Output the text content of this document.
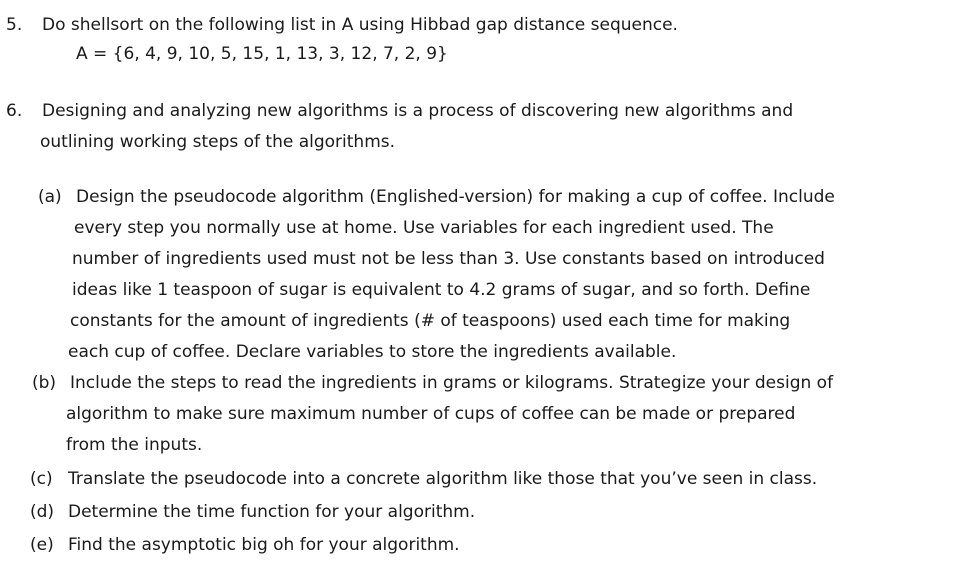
5. Do shellsort on the following list in A using Hibbad gap distance sequence.
A = {6, 4, 9, 10, 5, 15, 1, 13, 3, 12, 7, 2, 9}
6. Designing and analyzing new algorithms is a process of discovering new algorithms and
outlining working steps of the algorithms.
(a) Design the pseudocode algorithm (Englished-version) for making a cup of coffee. Include
every step you normally use at home. Use variables for each ingredient used. The
number of ingredients used must not be less than 3. Use constants based on introduced
ideas like 1 teaspoon of sugar is equivalent to 4.2 grams of sugar, and so forth. Define
constants for the amount of ingredients (# of teaspoons) used each time for making
each cup of coffee. Declare variables to store the ingredients available.
(b) Include the steps to read the ingredients in grams or kilograms. Strategize your design of
algorithm to make sure maximum number of cups of coffee can be made or prepared
from the inputs.
(c) Translate the pseudocode into a concrete algorithm like those that you’ve seen in class.
(d) Determine the time function for your algorithm.
(e) Find the asymptotic big oh for your algorithm.
